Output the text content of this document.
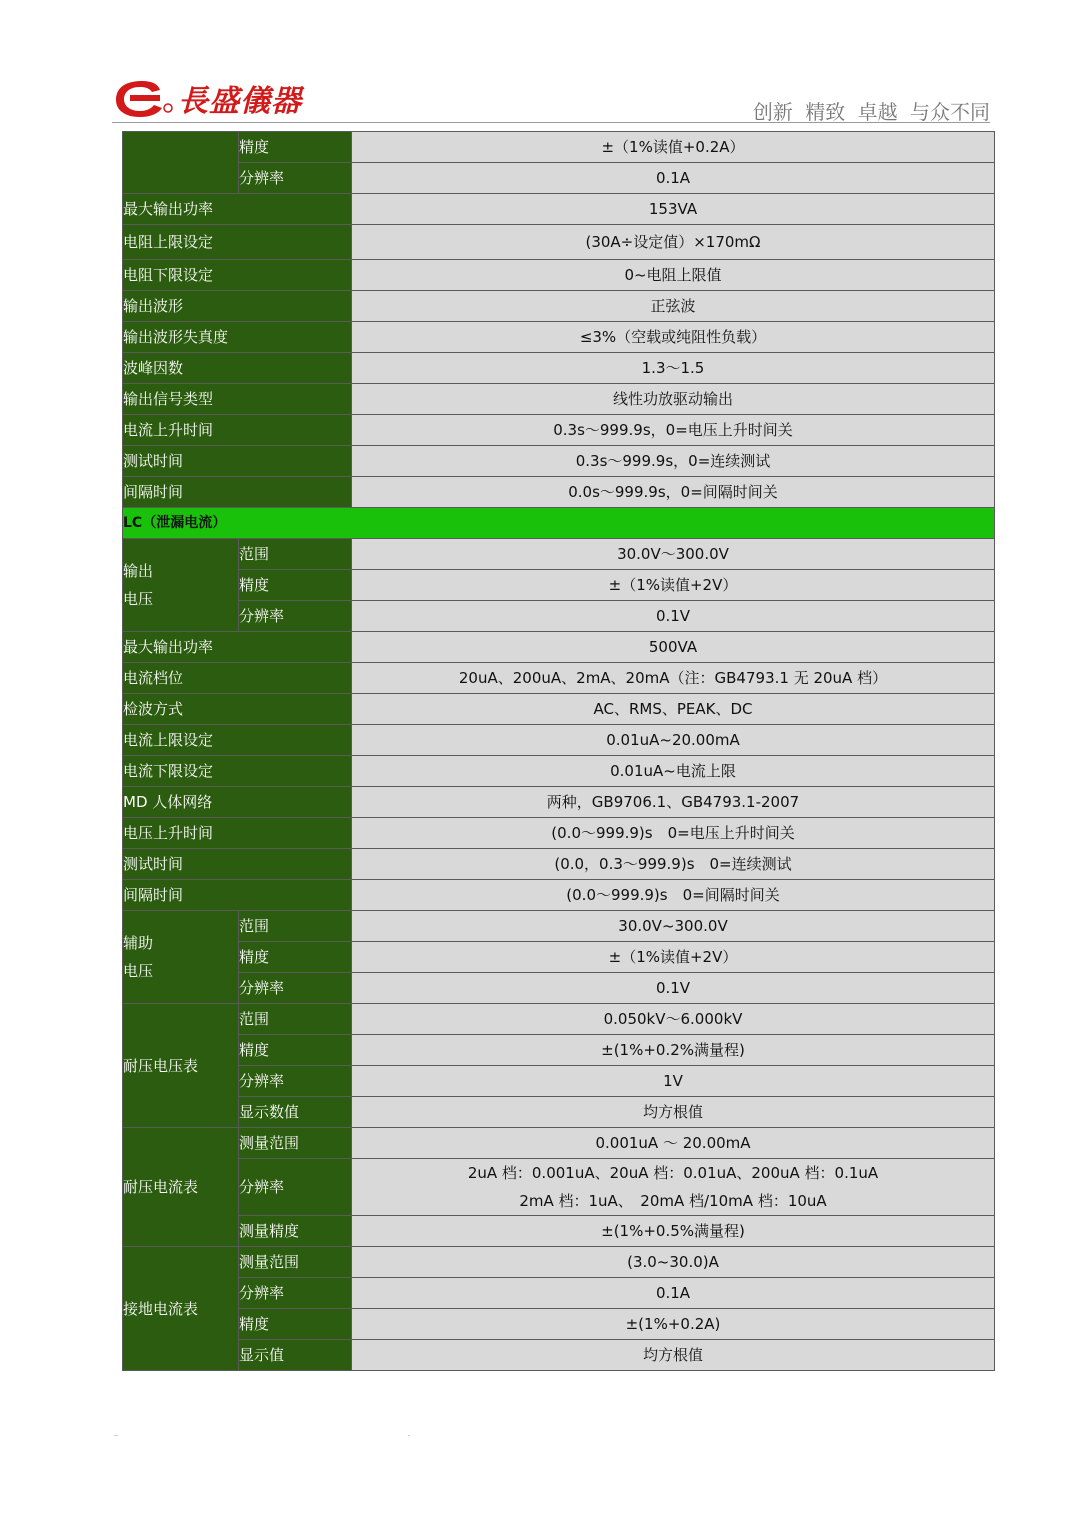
長盛儀器	创新 精致 卓越 与众不同
	精度	±（1%读值+0.2A）
	分辨率	0.1A
最大输出功率		153VA
电阻上限设定		(30A÷设定值）×170mΩ
电阻下限设定		0~电阻上限值
输出波形		正弦波
输出波形失真度		≤3%（空载或纯阻性负载）
波峰因数		1.3～1.5
输出信号类型		线性功放驱动输出
电流上升时间		0.3s～999.9s，0=电压上升时间关
测试时间		0.3s～999.9s，0=连续测试
间隔时间		0.0s～999.9s，0=间隔时间关
LC（泄漏电流）		

输出
电压	范围	30.0V～300.0V
	精度	±（1%读值+2V）
	分辨率	0.1V
最大输出功率		500VA
电流档位		20uA、200uA、2mA、20mA（注：GB4793.1 无 20uA 档）
检波方式		AC、RMS、PEAK、DC
电流上限设定		0.01uA~20.00mA
电流下限设定		0.01uA~电流上限
MD 人体网络		两种，GB9706.1、GB4793.1-2007
电压上升时间		(0.0～999.9)s　0=电压上升时间关
测试时间		(0.0，0.3～999.9)s　0=连续测试
间隔时间		(0.0～999.9)s　0=间隔时间关

辅助
电压	范围	30.0V~300.0V
	精度	±（1%读值+2V）
	分辨率	0.1V
耐压电压表	范围	0.050kV～6.000kV
	精度	±(1%+0.2%满量程)
	分辨率	1V
	显示数值	均方根值
耐压电流表	测量范围	0.001uA ～ 20.00mA
	分辨率	2uA 档：0.001uA、20uA 档：0.01uA、200uA 档：0.1uA
2mA 档：1uA、　20mA 档/10mA 档：10uA

	测量精度	±(1%+0.5%满量程)
接地电流表	测量范围	(3.0~30.0)A
	分辨率	0.1A
	精度	±(1%+0.2A)
	显示值	均方根值
